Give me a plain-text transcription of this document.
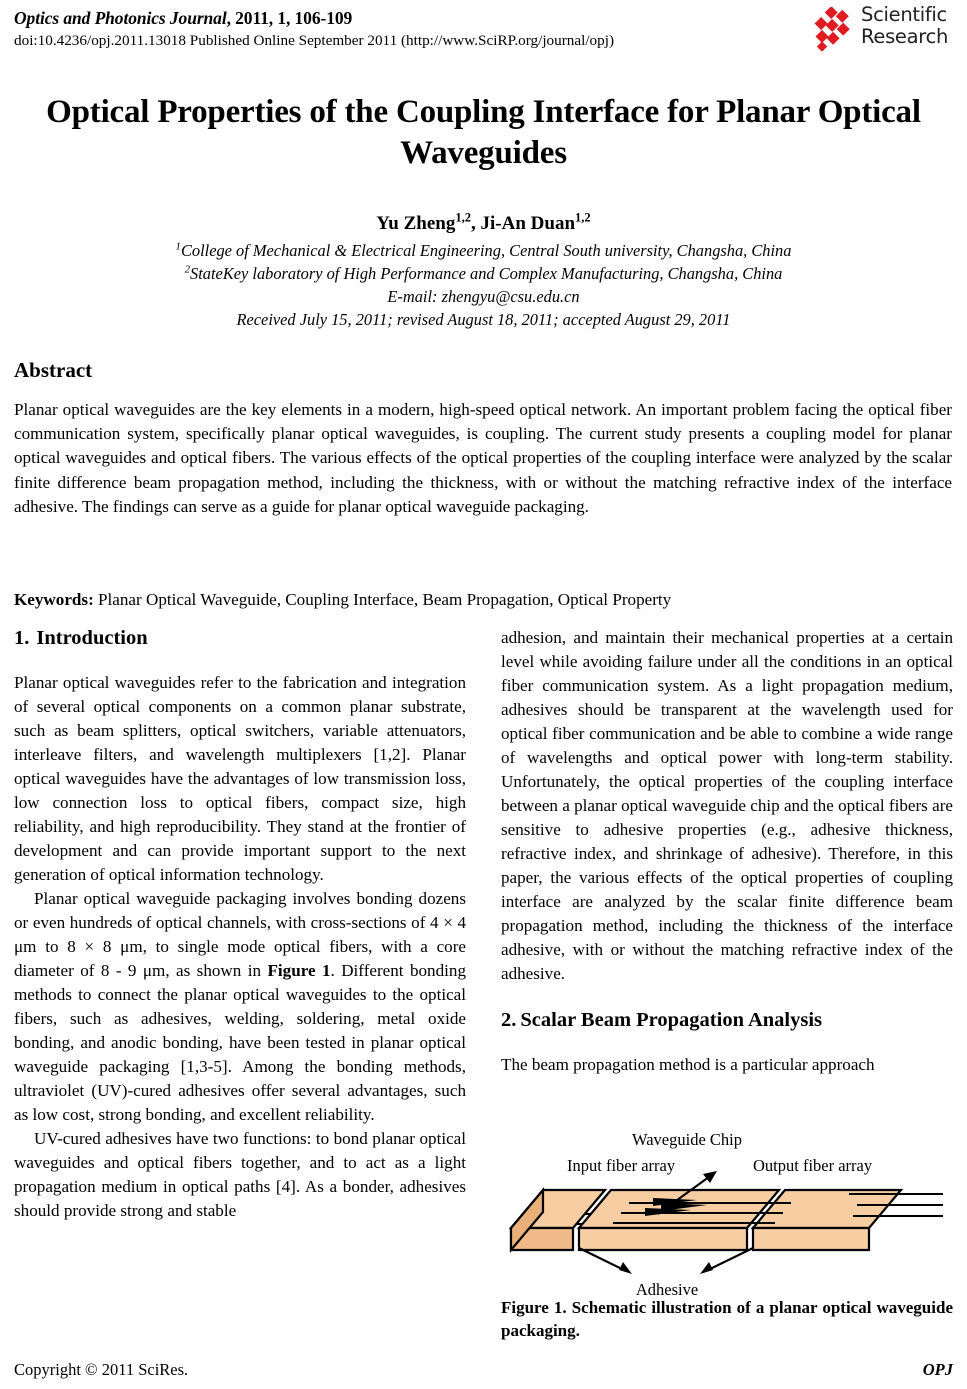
Optics and Photonics Journal, 2011, 1, 106-109
doi:10.4236/opj.2011.13018 Published Online September 2011 (http://www.SciRP.org/journal/opj)
Scientific
Research
Optical Properties of the Coupling Interface for Planar Optical Waveguides
Yu Zheng$^{1,2}$, Ji-An Duan$^{1,2}$
$^1$College of Mechanical & Electrical Engineering, Central South university, Changsha, China
$^2$StateKey laboratory of High Performance and Complex Manufacturing, Changsha, China
E-mail: zhengyu@csu.edu.cn
Received July 15, 2011; revised August 18, 2011; accepted August 29, 2011
Abstract
Planar optical waveguides are the key elements in a modern, high-speed optical network. An important problem facing the optical fiber communication system, specifically planar optical waveguides, is coupling. The current study presents a coupling model for planar optical waveguides and optical fibers. The various effects of the optical properties of the coupling interface were analyzed by the scalar finite difference beam propagation method, including the thickness, with or without the matching refractive index of the interface adhesive. The findings can serve as a guide for planar optical waveguide packaging.
Keywords: Planar Optical Waveguide, Coupling Interface, Beam Propagation, Optical Property
1. Introduction

Planar optical waveguides refer to the fabrication and integration of several optical components on a common planar substrate, such as beam splitters, optical switchers, variable attenuators, interleave filters, and wavelength multiplexers [1,2]. Planar optical waveguides have the advantages of low transmission loss, low connection loss to optical fibers, compact size, high reliability, and high reproducibility. They stand at the frontier of development and can provide important support to the next generation of optical information technology.

Planar optical waveguide packaging involves bonding dozens or even hundreds of optical channels, with cross-sections of 4 × 4 μm to 8 × 8 μm, to single mode optical fibers, with a core diameter of 8 - 9 μm, as shown in Figure 1. Different bonding methods to connect the planar optical waveguides to the optical fibers, such as adhesives, welding, soldering, metal oxide bonding, and anodic bonding, have been tested in planar optical waveguide packaging [1,3-5]. Among the bonding methods, ultraviolet (UV)-cured adhesives offer several advantages, such as low cost, strong bonding, and excellent reliability.

UV-cured adhesives have two functions: to bond planar optical waveguides and optical fibers together, and to act as a light propagation medium in optical paths [4]. As a bonder, adhesives should provide strong and stable

adhesion, and maintain their mechanical properties at a certain level while avoiding failure under all the conditions in an optical fiber communication system. As a light propagation medium, adhesives should be transparent at the wavelength used for optical fiber communication and be able to combine a wide range of wavelengths and optical power with long-term stability. Unfortunately, the optical properties of the coupling interface between a planar optical waveguide chip and the optical fibers are sensitive to adhesive properties (e.g., adhesive thickness, refractive index, and shrinkage of adhesive). Therefore, in this paper, the various effects of the optical properties of coupling interface are analyzed by the scalar finite difference beam propagation method, including the thickness of the interface adhesive, with or without the matching refractive index of the adhesive.

2. Scalar Beam Propagation Analysis

The beam propagation method is a particular approach

Waveguide Chip
Input fiber array	Output fiber array
Adhesive
Figure 1. Schematic illustration of a planar optical waveguide packaging.
Copyright © 2011 SciRes.	OPJ
